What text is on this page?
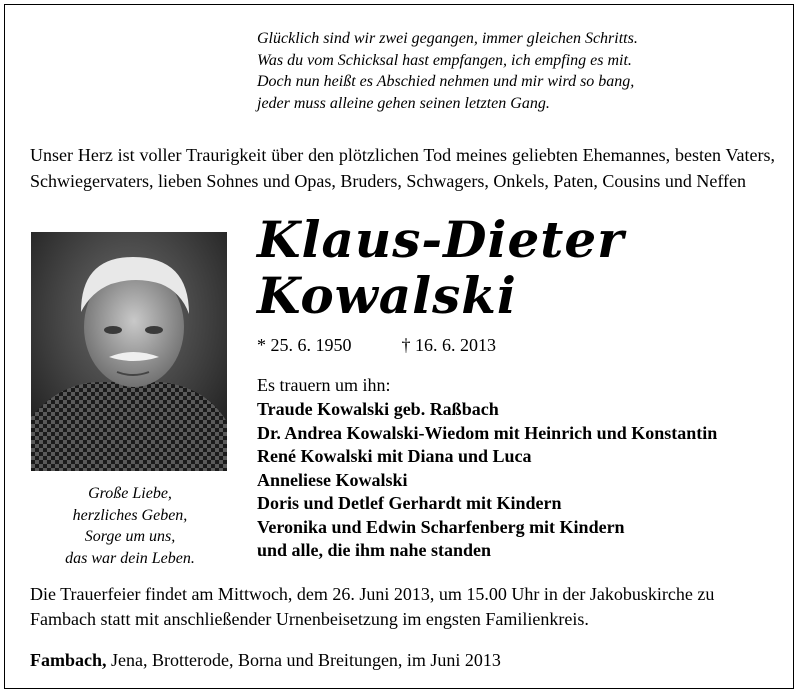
Glücklich sind wir zwei gegangen, immer gleichen Schritts.
Was du vom Schicksal hast empfangen, ich empfing es mit.
Doch nun heißt es Abschied nehmen und mir wird so bang,
jeder muss alleine gehen seinen letzten Gang.
Unser Herz ist voller Traurigkeit über den plötzlichen Tod meines geliebten Ehemannes, besten Vaters, Schwiegervaters, lieben Sohnes und Opas, Bruders, Schwagers, Onkels, Paten, Cousins und Neffen
Große Liebe,
herzliches Geben,
Sorge um uns,
das war dein Leben.
Klaus-Dieter
Kowalski
* 25. 6. 1950	† 16. 6. 2013
Es trauern um ihn:
Traude Kowalski geb. Raßbach
Dr. Andrea Kowalski-Wiedom mit Heinrich und Konstantin
René Kowalski mit Diana und Luca
Anneliese Kowalski
Doris und Detlef Gerhardt mit Kindern
Veronika und Edwin Scharfenberg mit Kindern
und alle, die ihm nahe standen
Die Trauerfeier findet am Mittwoch, dem 26. Juni 2013, um 15.00 Uhr in der Jakobuskirche zu Fambach statt mit anschließender Urnenbeisetzung im engsten Familienkreis.
Fambach, Jena, Brotterode, Borna und Breitungen, im Juni 2013
